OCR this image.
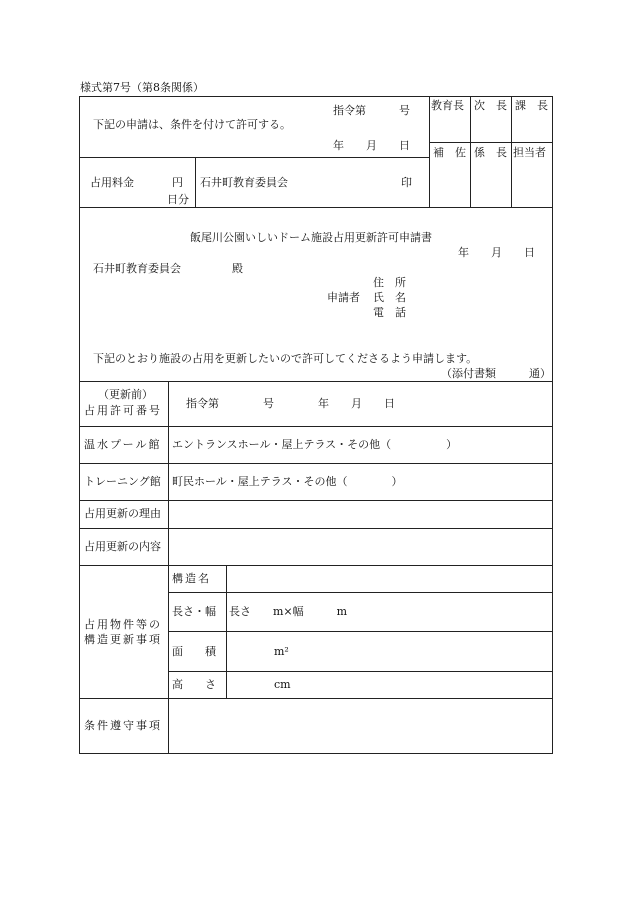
様式第7号（第8条関係）
指令第　　　号
下記の申請は、条件を付けて許可する。
年　　月　　日
占用料金	円
日分
石井町教育委員会	印
教育長 次　長 課　長
補　佐 係　長 担当者
飯尾川公園いしいドーム施設占用更新許可申請書
年　　月　　日
石井町教育委員会	殿
住　所
申請者 氏　名
電　話
下記のとおり施設の占用を更新したいので許可してくださるよう申請します。
（添付書類　　　通）
（更新前）
占用許可番号
指令第　　　　号　　　　年　　月　　日
温水プール館 エントランスホール・屋上テラス・その他（　　　　　）
トレーニング館 町民ホール・屋上テラス・その他（　　　　）
占用更新の理由
占用更新の内容
占用物件等の
構造更新事項
構造名
長さ・幅 長さ　　m×幅　　　m
面　　積	m²
高　　さ	cm
条件遵守事項
